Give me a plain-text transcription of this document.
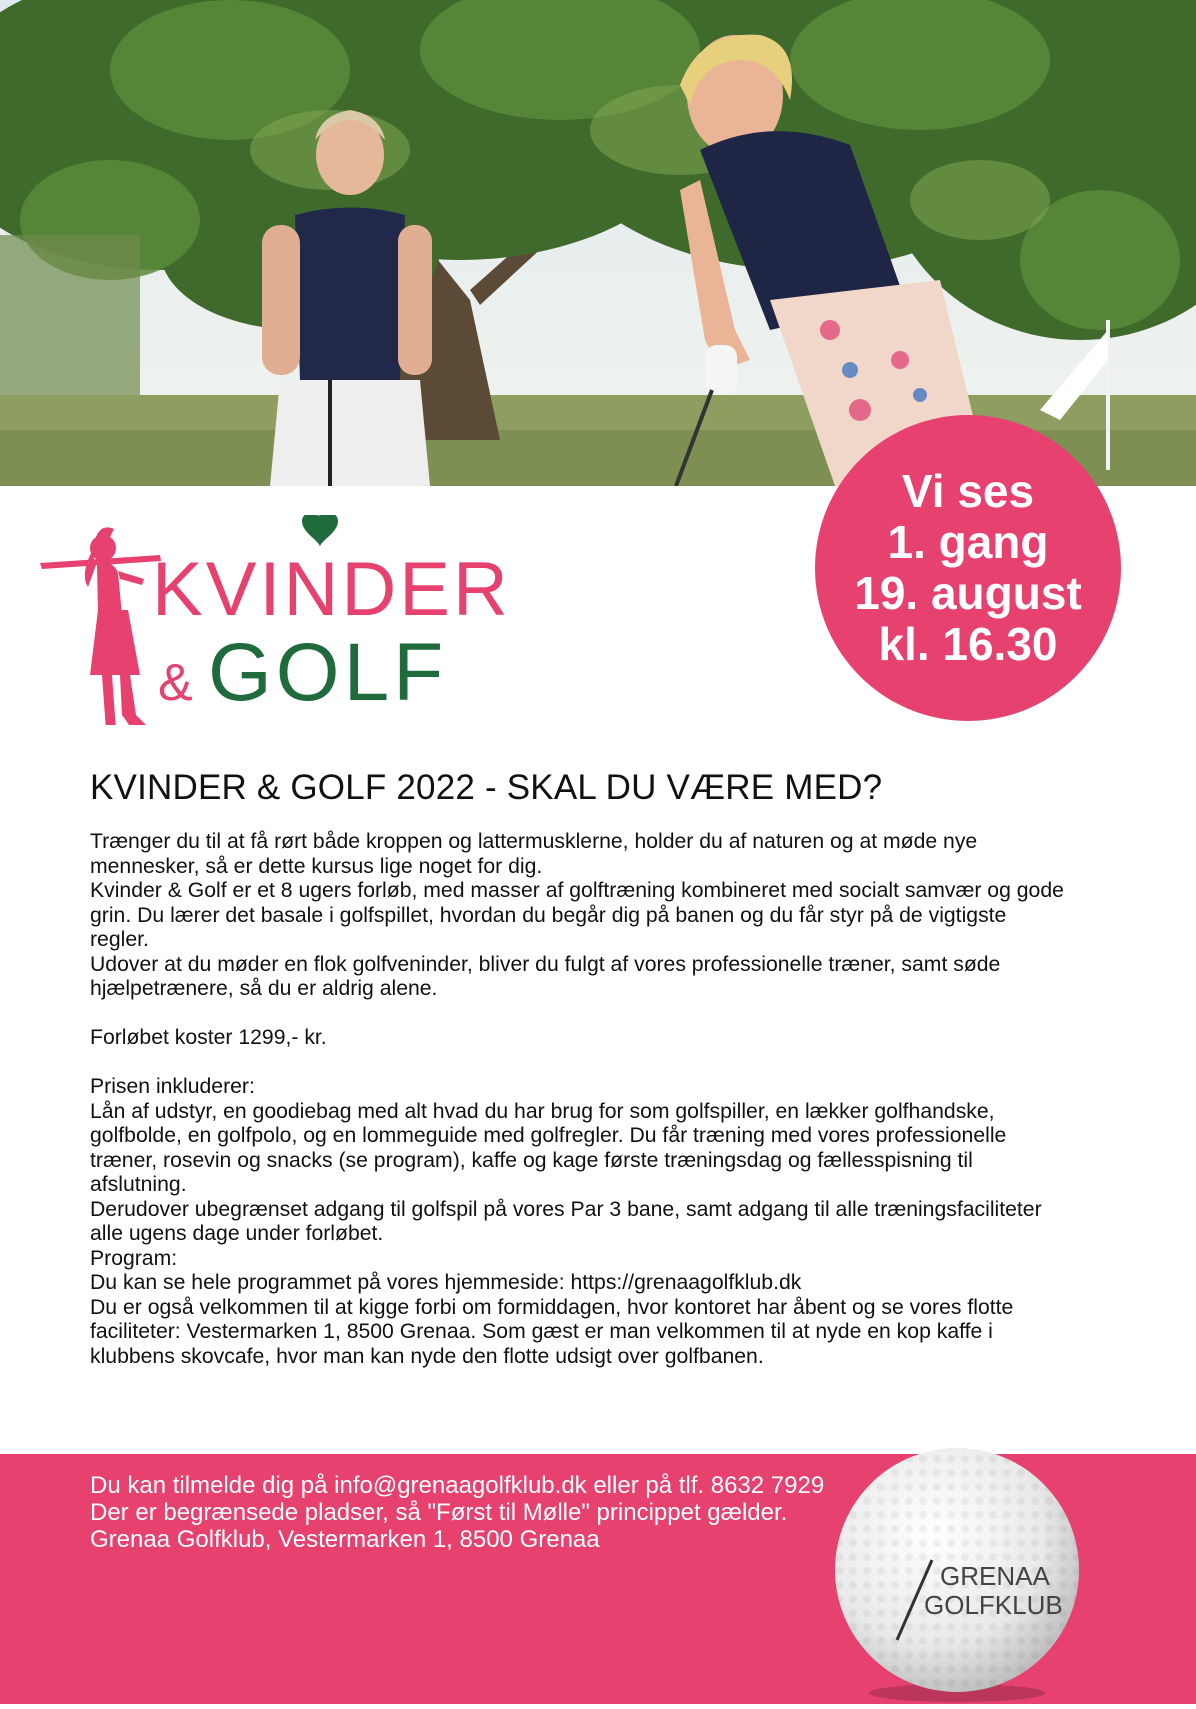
KVINDER
& GOLF
Vi ses
1. gang
19. august
kl. 16.30
KVINDER & GOLF 2022 - SKAL DU VÆRE MED?

Trænger du til at få rørt både kroppen og lattermusklerne, holder du af naturen og at møde nye mennesker, så er dette kursus lige noget for dig.

Kvinder & Golf er et 8 ugers forløb, med masser af golftræning kombineret med socialt samvær og gode grin. Du lærer det basale i golfspillet, hvordan du begår dig på banen og du får styr på de vigtigste regler.

Udover at du møder en flok golfveninder, bliver du fulgt af vores professionelle træner, samt søde hjælpetrænere, så du er aldrig alene.

Forløbet koster 1299,- kr.

Prisen inkluderer:

Lån af udstyr, en goodiebag med alt hvad du har brug for som golfspiller, en lækker golfhandske, golfbolde, en golfpolo, og en lommeguide med golfregler. Du får træning med vores professionelle træner, rosevin og snacks (se program), kaffe og kage første træningsdag og fællesspisning til afslutning.

Derudover ubegrænset adgang til golfspil på vores Par 3 bane, samt adgang til alle træningsfaciliteter alle ugens dage under forløbet.

Program:

Du kan se hele programmet på vores hjemmeside: https://grenaagolfklub.dk

Du er også velkommen til at kigge forbi om formiddagen, hvor kontoret har åbent og se vores flotte faciliteter: Vestermarken 1, 8500 Grenaa. Som gæst er man velkommen til at nyde en kop kaffe i klubbens skovcafe, hvor man kan nyde den flotte udsigt over golfbanen.

Du kan tilmelde dig på info@grenaagolfklub.dk eller på tlf. 8632 7929

Der er begrænsede pladser, så "Først til Mølle" princippet gælder.

Grenaa Golfklub, Vestermarken 1, 8500 Grenaa

GRENAA
GOLFKLUB
